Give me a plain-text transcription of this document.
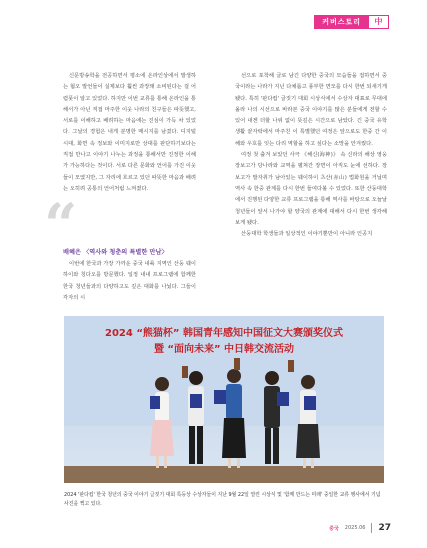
커버스토리	中

신문방송학을 전공하면서 평소에 온라인상에서 발생하는 혐오 발언들이 실제보다 훨씬 과장돼 소비된다는 걸 어렴풋이 알고 있었다. 하지만 이번 교류를 통해 온라인을 통해서가 아닌 직접 마주한 이웃 나라의 친구들은 따뜻했고, 서로를 이해하고 배려하는 마음에는 진심이 가득 차 있었다. 그날의 경험은 내게 분명한 메시지를 남겼다. 디지털 시대, 화면 속 정보와 이미지로만 상대를 판단하기보다는 직접 만나고 이야기 나누는 과정을 통해서만 진정한 이해가 가능하다는 것이다. 서로 다른 문화와 언어를 가진 이웃들이 모였지만, 그 자리에 흐르고 있던 따뜻한 마음과 배려는 오히려 공통의 언어처럼 느껴졌다.

“
배혜은 〈역사와 청춘의 특별한 만남〉

이번에 한국과 가장 가까운 중국 내륙 지역인 산둥 웨이하이와 칭다오를 방문했다. 일정 내내 프로그램에 함께한 한국 청년들과의 다양하고도 깊은 대화를 나눴다. 그들이 각자의 시

선으로 포착해 글로 남긴 다양한 중국의 모습들을 접하면서 중국이라는 나라가 지닌 다채롭고 풍부한 면모를 다시 한번 되새기게 됐다. 특히 '판다컵' 글짓기 대회 시상식에서 수상자 대표로 무대에 올라 나의 시선으로 바라본 중국 이야기를 많은 분들에게 전할 수 있어 내겐 더할 나위 없이 뜻깊은 시간으로 남았다. 긴 중국 유학 생활 끝자락에서 마주친 이 특별했던 여정은 앞으로도 한중 간 이해와 우호를 잇는 다리 역할을 하고 싶다는 소망을 안겨줬다.

여정 첫 출겨 보았던 사극 《해신(海神)》 속 신라의 해상 영웅 장보고가 당나라와 교역을 펼쳐간 장면이 아직도 눈에 선하다. 장보고가 발자취가 남아있는 웨이하이 츠산(赤山) 법화원을 거닐며 역사 속 한중 관계를 다시 한번 들여다볼 수 있었다. 또한 산둥대학에서 진행된 다양한 교류 프로그램을 통해 역사를 바탕으로 오늘날 청년들이 앞서 나가야 할 양국의 관계에 대해서 다시 한번 생각해보게 됐다.

산둥대학 학생들과 일상적인 이야기뿐만이 아니라 인공지

2024 “熊猫杯” 韩国青年感知中国征文大赛颁奖仪式
暨 “面向未来” 中日韩交流活动
2024 '판다컵' 한국 청년의 중국 이야기 글짓기 대회 특등상 수상자들이 지난 9월 22일 열린 시상식 및 '함께 만드는 미래' 중일한 교류 행사에서 기념사진을 찍고 있다.
중국 2025.06 27
